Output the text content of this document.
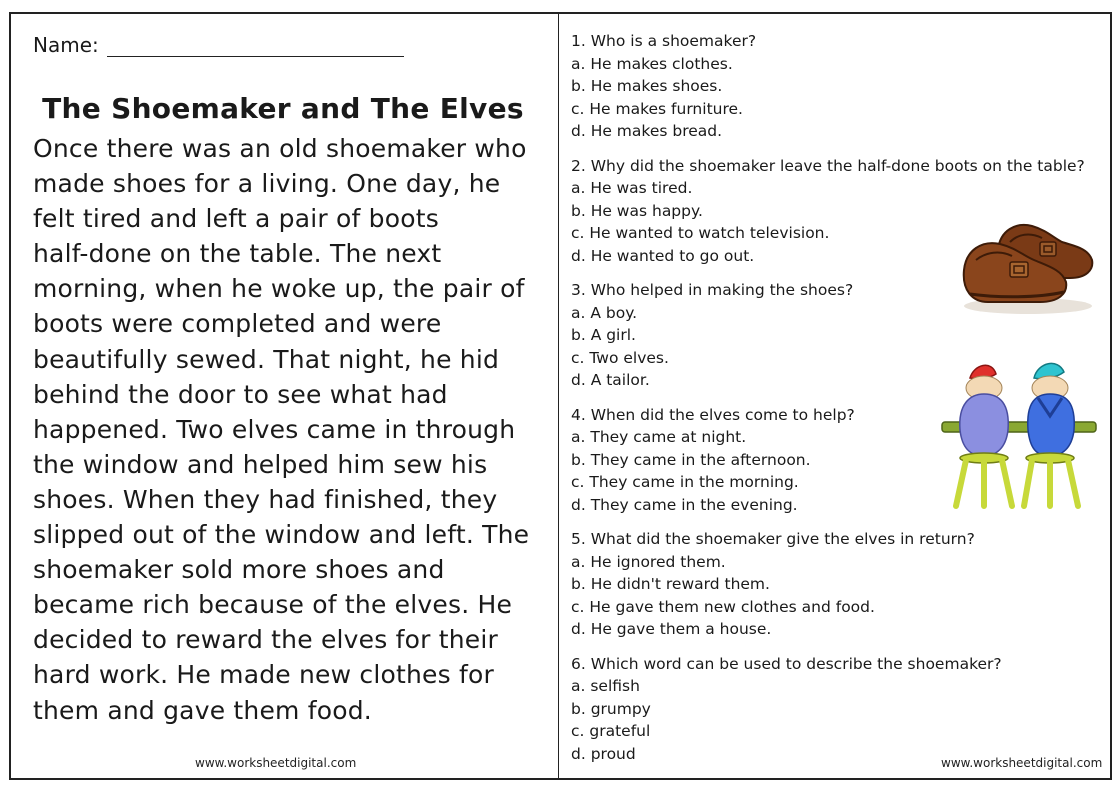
Name:
The Shoemaker and The Elves
Once there was an old shoemaker who
made shoes for a living. One day, he
felt tired and left a pair of boots
half-done on the table. The next
morning, when he woke up, the pair of
boots were completed and were
beautifully sewed. That night, he hid
behind the door to see what had
happened. Two elves came in through
the window and helped him sew his
shoes. When they had finished, they
slipped out of the window and left. The
shoemaker sold more shoes and
became rich because of the elves. He
decided to reward the elves for their
hard work. He made new clothes for
them and gave them food.
1. Who is a shoemaker?
a. He makes clothes.
b. He makes shoes.
c. He makes furniture.
d. He makes bread.
2. Why did the shoemaker leave the half-done boots on the table?
a. He was tired.
b. He was happy.
c. He wanted to watch television.
d. He wanted to go out.
3. Who helped in making the shoes?
a. A boy.
b. A girl.
c. Two elves.
d. A tailor.
4. When did the elves come to help?
a. They came at night.
b. They came in the afternoon.
c. They came in the morning.
d. They came in the evening.
5. What did the shoemaker give the elves in return?
a. He ignored them.
b. He didn't reward them.
c. He gave them new clothes and food.
d. He gave them a house.
6. Which word can be used to describe the shoemaker?
a. selfish
b. grumpy
c. grateful
d. proud
www.worksheetdigital.com	www.worksheetdigital.com
